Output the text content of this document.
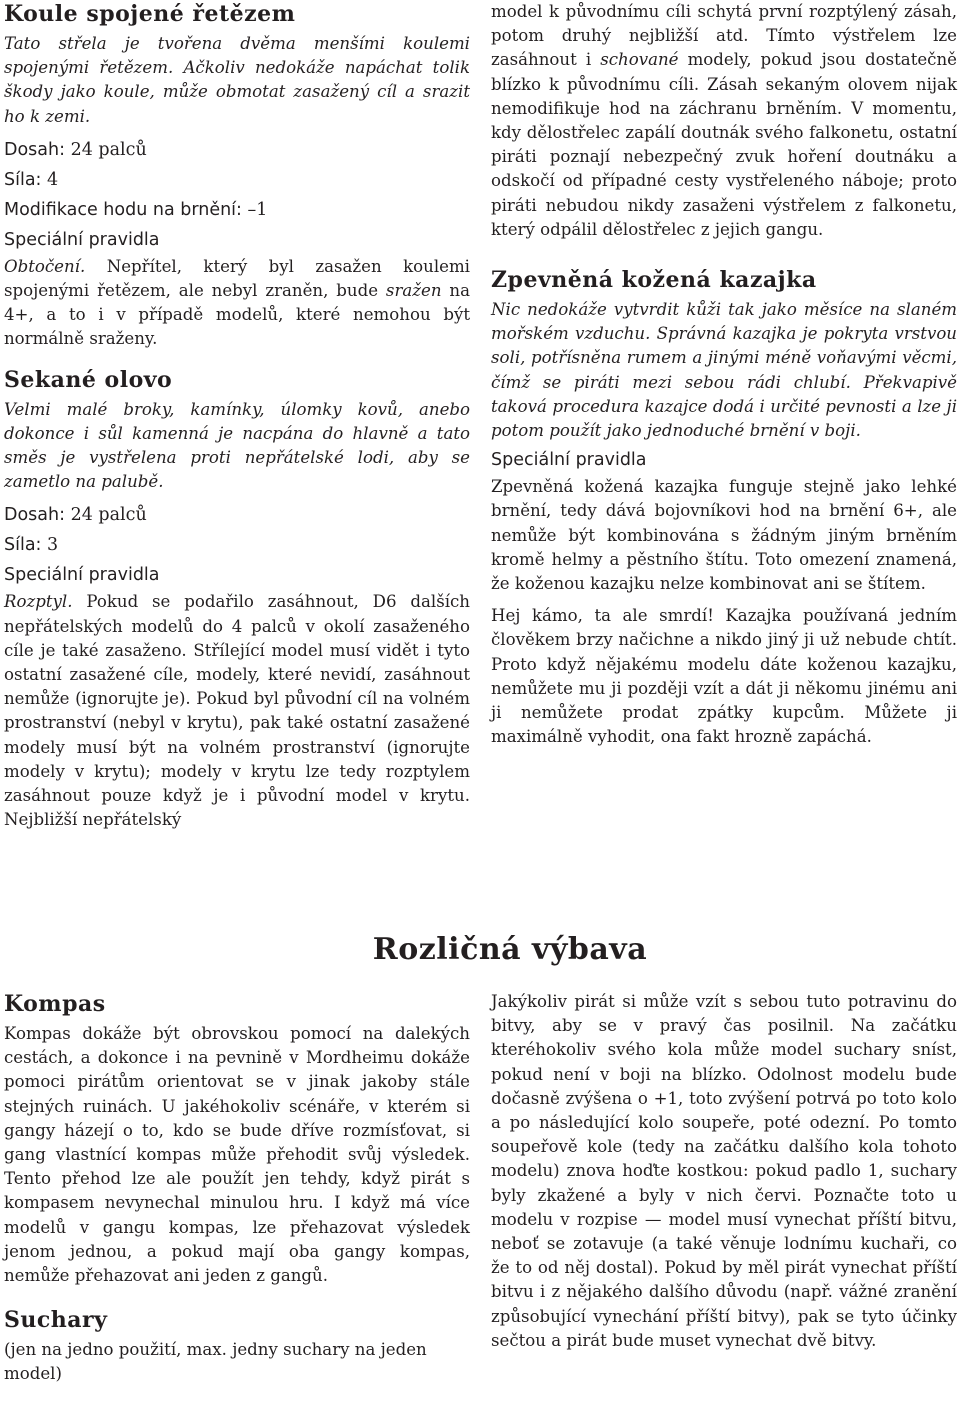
Koule spojené řetězem

Tato střela je tvořena dvěma menšími koulemi spojenými řetězem. Ačkoliv nedokáže napáchat tolik škody jako koule, může obmotat zasažený cíl a srazit ho k zemi.

Dosah: 24 palců
Síla: 4
Modifikace hodu na brnění: –1
Speciální pravidla

Obtočení. Nepřítel, který byl zasažen koulemi spojenými řetězem, ale nebyl zraněn, bude sražen na 4+, a to i v případě modelů, které nemohou být normálně sraženy.

Sekané olovo

Velmi malé broky, kamínky, úlomky kovů, anebo dokonce i sůl kamenná je nacpána do hlavně a tato směs je vystřelena proti nepřátelské lodi, aby se zametlo na palubě.

Dosah: 24 palců
Síla: 3
Speciální pravidla

Rozptyl. Pokud se podařilo zasáhnout, D6 dalších nepřátelských modelů do 4 palců v okolí zasaženého cíle je také zasaženo. Střílející model musí vidět i tyto ostatní zasažené cíle, modely, které nevidí, zasáhnout nemůže (ignorujte je). Pokud byl původní cíl na volném prostranství (nebyl v krytu), pak také ostatní zasažené modely musí být na volném prostranství (ignorujte modely v krytu); modely v krytu lze tedy rozptylem zasáhnout pouze když je i původní model v krytu. Nejbližší nepřátelský

model k původnímu cíli schytá první rozptýlený zásah, potom druhý nejbližší atd. Tímto výstřelem lze zasáhnout i schované modely, pokud jsou dostatečně blízko k původnímu cíli. Zásah sekaným olovem nijak nemodifikuje hod na záchranu brněním. V momentu, kdy dělostřelec zapálí doutnák svého falkonetu, ostatní piráti poznají nebezpečný zvuk hoření doutnáku a odskočí od případné cesty vystřeleného náboje; proto piráti nebudou nikdy zasaženi výstřelem z falkonetu, který odpálil dělostřelec z jejich gangu.

Zpevněná kožená kazajka

Nic nedokáže vytvrdit kůži tak jako měsíce na slaném mořském vzduchu. Správná kazajka je pokryta vrstvou soli, potřísněna rumem a jinými méně voňavými věcmi, čímž se piráti mezi sebou rádi chlubí. Překvapivě taková procedura kazajce dodá i určité pevnosti a lze ji potom použít jako jednoduché brnění v boji.

Speciální pravidla

Zpevněná kožená kazajka funguje stejně jako lehké brnění, tedy dává bojovníkovi hod na brnění 6+, ale nemůže být kombinována s žádným jiným brněním kromě helmy a pěstního štítu. Toto omezení znamená, že koženou kazajku nelze kombinovat ani se štítem.

Hej kámo, ta ale smrdí! Kazajka používaná jedním člověkem brzy načichne a nikdo jiný ji už nebude chtít. Proto když nějakému modelu dáte koženou kazajku, nemůžete mu ji později vzít a dát ji někomu jinému ani ji nemůžete prodat zpátky kupcům. Můžete ji maximálně vyhodit, ona fakt hrozně zapáchá.

Rozličná výbava
Kompas

Kompas dokáže být obrovskou pomocí na dalekých cestách, a dokonce i na pevnině v Mordheimu dokáže pomoci pirátům orientovat se v jinak jakoby stále stejných ruinách. U jakéhokoliv scénáře, v kterém si gangy házejí o to, kdo se bude dříve rozmísťovat, si gang vlastnící kompas může přehodit svůj výsledek. Tento přehod lze ale použít jen tehdy, když pirát s kompasem nevynechal minulou hru. I když má více modelů v gangu kompas, lze přehazovat výsledek jenom jednou, a pokud mají oba gangy kompas, nemůže přehazovat ani jeden z gangů.

Suchary

(jen na jedno použití, max. jedny suchary na jeden model)

Jakýkoliv pirát si může vzít s sebou tuto potravinu do bitvy, aby se v pravý čas posilnil. Na začátku kteréhokoliv svého kola může model suchary sníst, pokud není v boji na blízko. Odolnost modelu bude dočasně zvýšena o +1, toto zvýšení potrvá po toto kolo a po následující kolo soupeře, poté odezní. Po tomto soupeřově kole (tedy na začátku dalšího kola tohoto modelu) znova hoďte kostkou: pokud padlo 1, suchary byly zkažené a byly v nich červi. Poznačte toto u modelu v rozpise — model musí vynechat příští bitvu, neboť se zotavuje (a také věnuje lodnímu kuchaři, co že to od něj dostal). Pokud by měl pirát vynechat příští bitvu i z nějakého dalšího důvodu (např. vážné zranění způsobující vynechání příští bitvy), pak se tyto účinky sečtou a pirát bude muset vynechat dvě bitvy.
